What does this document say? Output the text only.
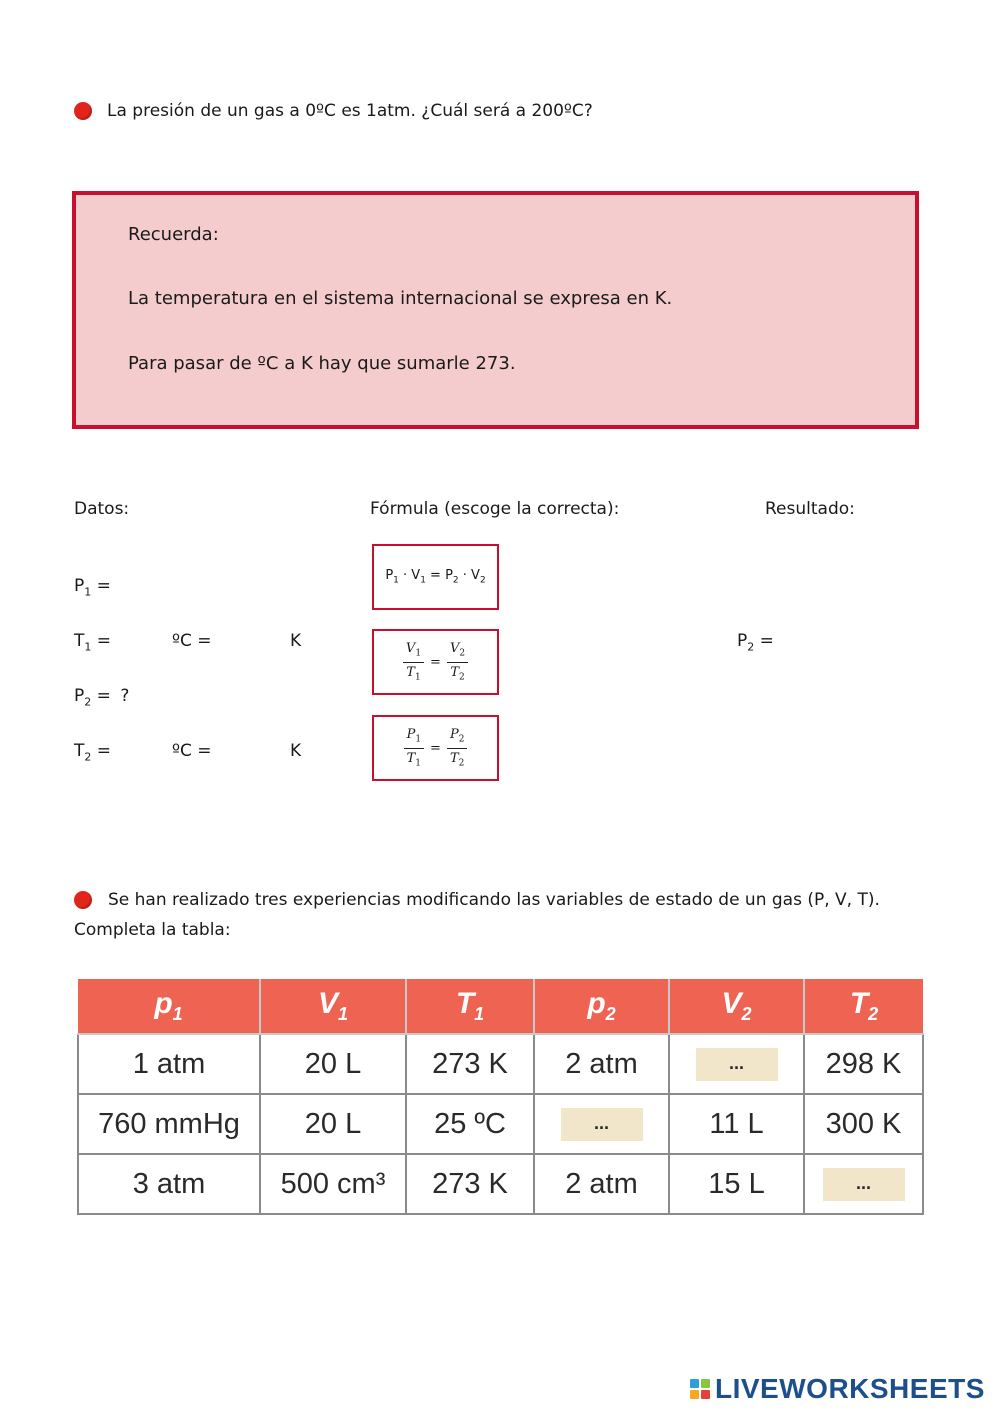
La presión de un gas a 0ºC es 1atm. ¿Cuál será a 200ºC?
Recuerda:
La temperatura en el sistema internacional se expresa en K.
Para pasar de ºC a K hay que sumarle 273.
Datos:	Fórmula (escoge la correcta):	Resultado:
$P_1$ =
$T_1$ =	ºC =	K
$P_2$ = ?
$T_2$ =	ºC =	K
$P_2$ =
$P_1 \cdot V_1 = P_2 \cdot V_2$
$\frac{V_1}{T_1} = \frac{V_2}{T_2}$
$\frac{P_1}{T_1} = \frac{P_2}{T_2}$
Se han realizado tres experiencias modificando las variables de estado de un gas (P, V, T).
Completa la tabla:
$p_1$	$V_1$	$T_1$	$p_2$	$V_2$	$T_2$
1 atm	20 L	273 K	2 atm	...	298 K
760 mmHg	20 L	25 ºC	...	11 L	300 K
3 atm	500 cm³	273 K	2 atm	15 L	...
LIVEWORKSHEETS
